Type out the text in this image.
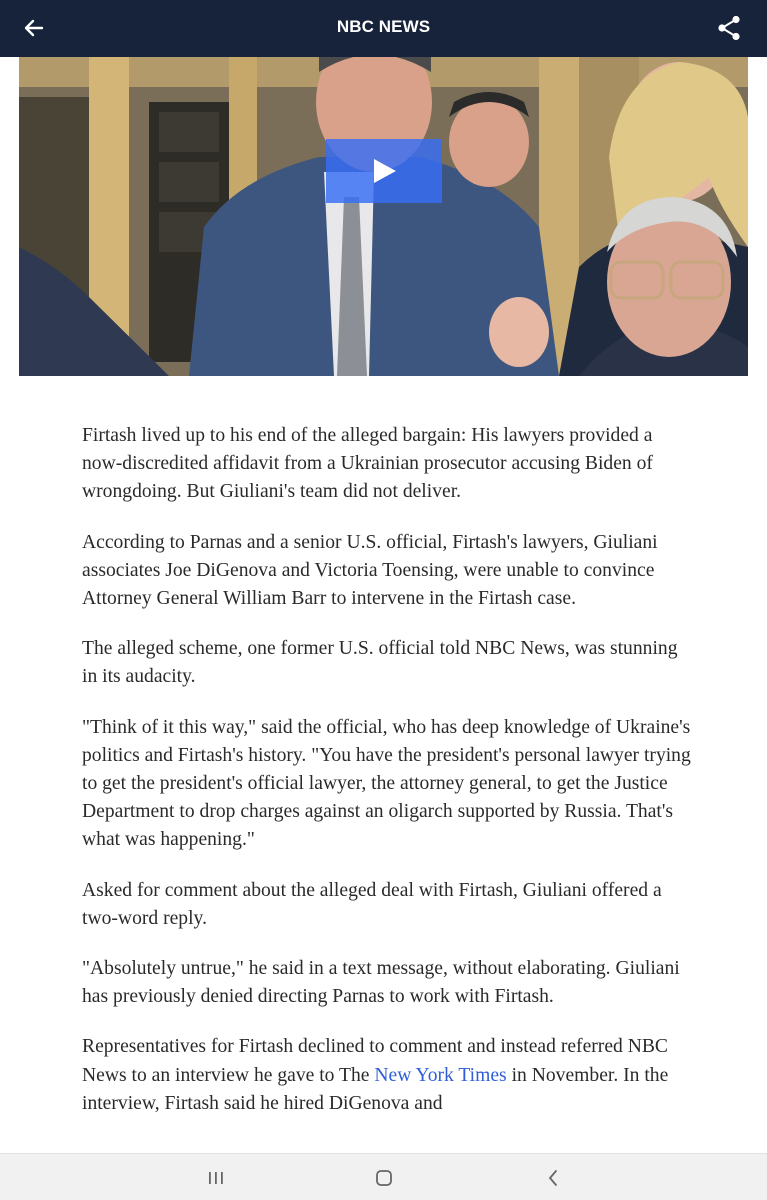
NBC NEWS

Firtash lived up to his end of the alleged bargain: His lawyers provided a now-discredited affidavit from a Ukrainian prosecutor accusing Biden of wrongdoing. But Giuliani's team did not deliver.

According to Parnas and a senior U.S. official, Firtash's lawyers, Giuliani associates Joe DiGenova and Victoria Toensing, were unable to convince Attorney General William Barr to intervene in the Firtash case.

The alleged scheme, one former U.S. official told NBC News, was stunning in its audacity.

"Think of it this way," said the official, who has deep knowledge of Ukraine's politics and Firtash's history. "You have the president's personal lawyer trying to get the president's official lawyer, the attorney general, to get the Justice Department to drop charges against an oligarch supported by Russia. That's what was happening."

Asked for comment about the alleged deal with Firtash, Giuliani offered a two-word reply.

"Absolutely untrue," he said in a text message, without elaborating. Giuliani has previously denied directing Parnas to work with Firtash.

Representatives for Firtash declined to comment and instead referred NBC News to an interview he gave to The New York Times in November. In the interview, Firtash said he hired DiGenova and
